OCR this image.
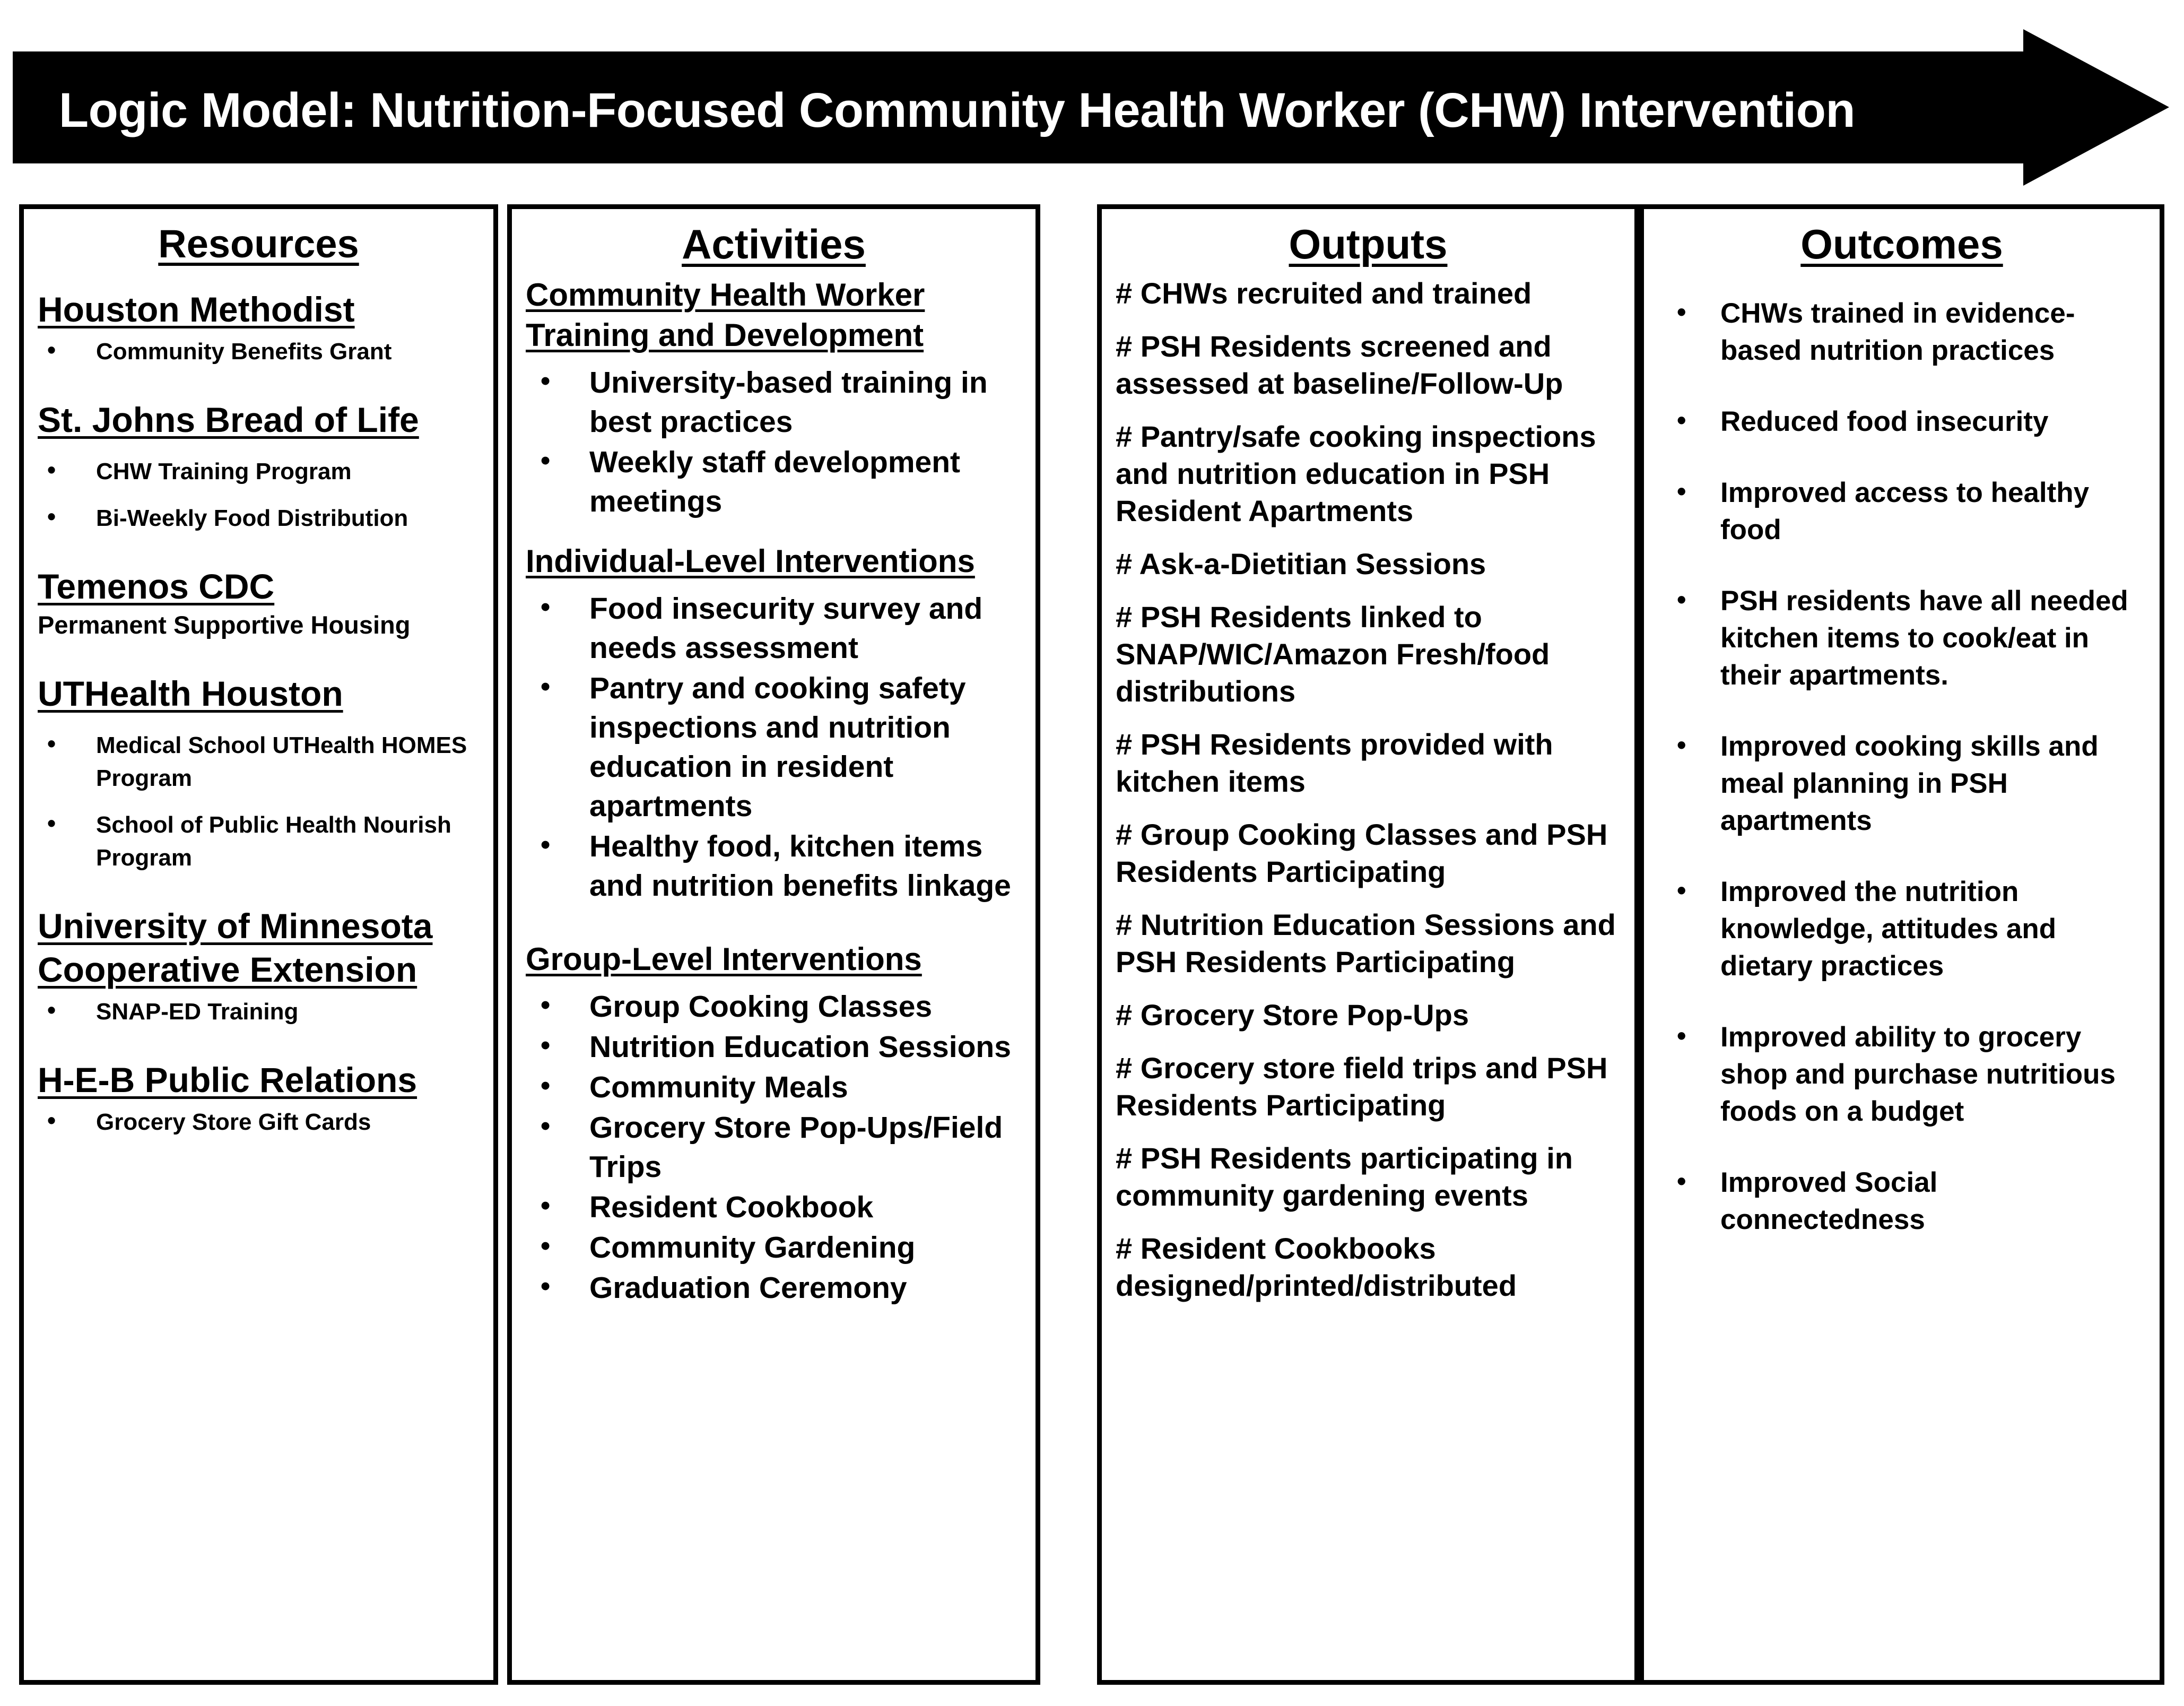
Logic Model: Nutrition-Focused Community Health Worker (CHW) Intervention
Resources
Houston Methodist
• Community Benefits Grant
St. Johns Bread of Life
• CHW Training Program
• Bi-Weekly Food Distribution
Temenos CDC
Permanent Supportive Housing
UTHealth Houston
• Medical School UTHealth HOMES Program
• School of Public Health Nourish Program
University of Minnesota Cooperative Extension
• SNAP-ED Training
H-E-B Public Relations
• Grocery Store Gift Cards
Activities
Community Health Worker Training and Development
• University-based training in best practices
• Weekly staff development meetings
Individual-Level Interventions
• Food insecurity survey and needs assessment
• Pantry and cooking safety inspections and nutrition education in resident apartments
• Healthy food, kitchen items and nutrition benefits linkage
Group-Level Interventions
• Group Cooking Classes
• Nutrition Education Sessions
• Community Meals
• Grocery Store Pop-Ups/Field Trips
• Resident Cookbook
• Community Gardening
• Graduation Ceremony
Outputs
# CHWs recruited and trained
# PSH Residents screened and assessed at baseline/Follow-Up
# Pantry/safe cooking inspections and nutrition education in PSH Resident Apartments
# Ask-a-Dietitian Sessions
# PSH Residents linked to SNAP/WIC/Amazon Fresh/food distributions
# PSH Residents provided with kitchen items
# Group Cooking Classes and PSH Residents Participating
# Nutrition Education Sessions and PSH Residents Participating
# Grocery Store Pop-Ups
# Grocery store field trips and PSH Residents Participating
# PSH Residents participating in community gardening events
# Resident Cookbooks designed/printed/distributed
Outcomes
• CHWs trained in evidence-based nutrition practices
• Reduced food insecurity
• Improved access to healthy food
• PSH residents have all needed kitchen items to cook/eat in their apartments.
• Improved cooking skills and meal planning in PSH apartments
• Improved the nutrition knowledge, attitudes and dietary practices
• Improved ability to grocery shop and purchase nutritious foods on a budget
• Improved Social connectedness
